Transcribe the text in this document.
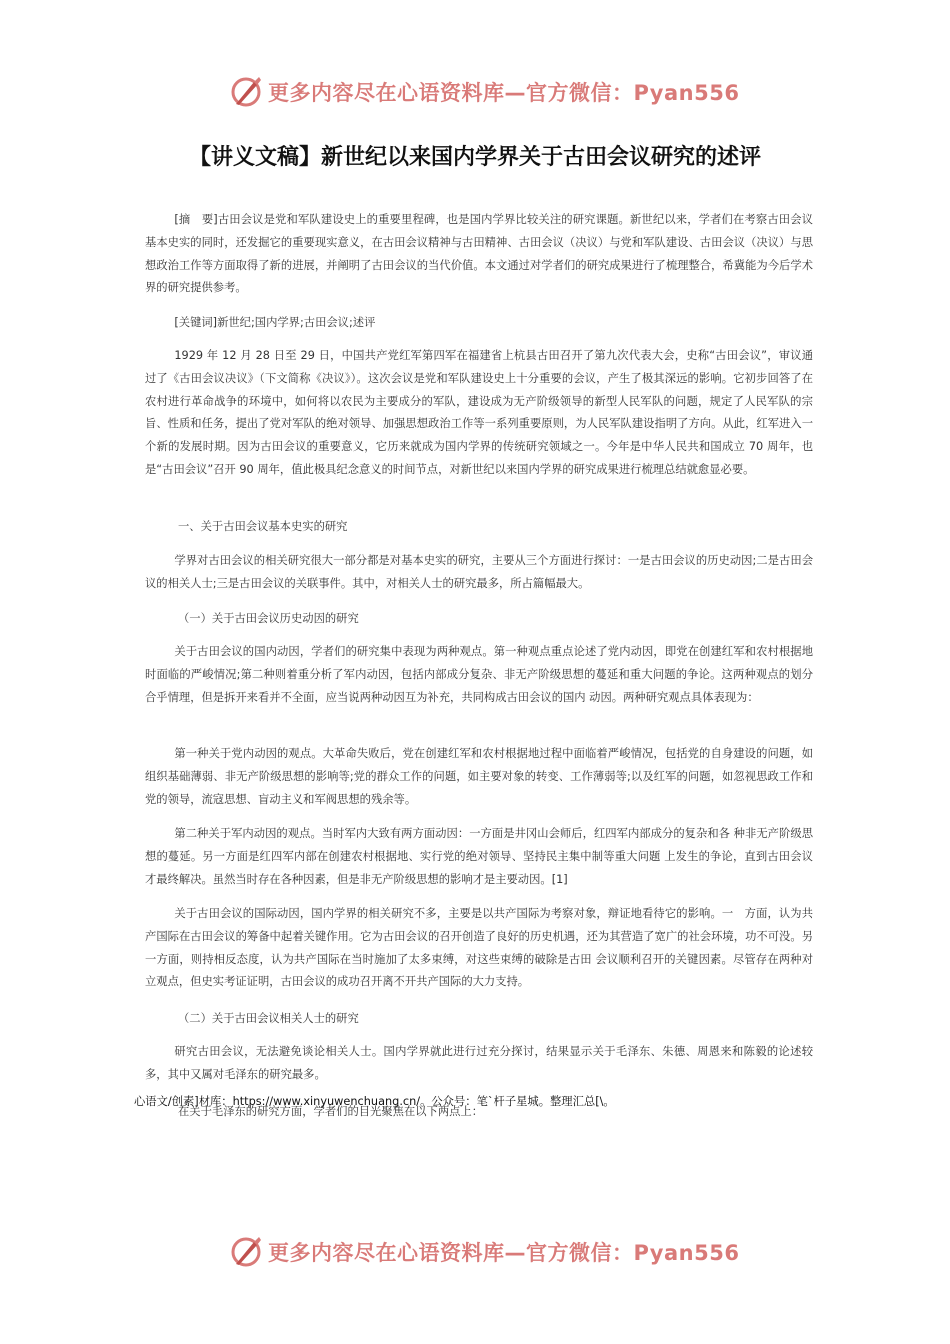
更多内容尽在心语资料库—官方微信：Pyan556
【讲义文稿】新世纪以来国内学界关于古田会议研究的述评
[摘　要]古田会议是党和军队建设史上的重要里程碑，也是国内学界比较关注的研究课题。新世纪以来，学者们在考察古田会议基本史实的同时，还发掘它的重要现实意义，在古田会议精神与古田精神、古田会议（决议）与党和军队建设、古田会议（决议）与思想政治工作等方面取得了新的进展，并阐明了古田会议的当代价值。本文通过对学者们的研究成果进行了梳理整合，希冀能为今后学术界的研究提供参考。
[关键词]新世纪;国内学界;古田会议;述评
1929 年 12 月 28 日至 29 日，中国共产党红军第四军在福建省上杭县古田召开了第九次代表大会，史称“古田会议”，审议通过了《古田会议决议》（下文简称《决议》）。这次会议是党和军队建设史上十分重要的会议，产生了极其深远的影响。它初步回答了在农村进行革命战争的环境中，如何将以农民为主要成分的军队，建设成为无产阶级领导的新型人民军队的问题，规定了人民军队的宗旨、性质和任务，提出了党对军队的绝对领导、加强思想政治工作等一系列重要原则，为人民军队建设指明了方向。从此，红军进入一个新的发展时期。因为古田会议的重要意义，它历来就成为国内学界的传统研究领域之一。今年是中华人民共和国成立 70 周年，也是“古田会议”召开 90 周年，值此极具纪念意义的时间节点，对新世纪以来国内学界的研究成果进行梳理总结就愈显必要。
一、关于古田会议基本史实的研究
学界对古田会议的相关研究很大一部分都是对基本史实的研究，主要从三个方面进行探讨：一是古田会议的历史动因;二是古田会议的相关人士;三是古田会议的关联事件。其中，对相关人士的研究最多，所占篇幅最大。
（一）关于古田会议历史动因的研究
关于古田会议的国内动因，学者们的研究集中表现为两种观点。第一种观点重点论述了党内动因，即党在创建红军和农村根据地时面临的严峻情况;第二种则着重分析了军内动因，包括内部成分复杂、非无产阶级思想的蔓延和重大问题的争论。这两种观点的划分合乎情理，但是拆开来看并不全面，应当说两种动因互为补充，共同构成古田会议的国内 动因。两种研究观点具体表现为：
第一种关于党内动因的观点。大革命失败后，党在创建红军和农村根据地过程中面临着严峻情况，包括党的自身建设的问题，如组织基础薄弱、非无产阶级思想的影响等;党的群众工作的问题，如主要对象的转变、工作薄弱等;以及红军的问题，如忽视思政工作和党的领导，流寇思想、盲动主义和军阀思想的残余等。
第二种关于军内动因的观点。当时军内大致有两方面动因：一方面是井冈山会师后，红四军内部成分的复杂和各 种非无产阶级思想的蔓延。另一方面是红四军内部在创建农村根据地、实行党的绝对领导、坚持民主集中制等重大问题 上发生的争论，直到古田会议才最终解决。虽然当时存在各种因素，但是非无产阶级思想的影响才是主要动因。[1]
关于古田会议的国际动因，国内学界的相关研究不多，主要是以共产国际为考察对象，辩证地看待它的影响。一　方面，认为共产国际在古田会议的筹备中起着关键作用。它为古田会议的召开创造了良好的历史机遇，还为其营造了宽广的社会环境，功不可没。另一方面，则持相反态度，认为共产国际在当时施加了太多束缚，对这些束缚的破除是古田 会议顺利召开的关键因素。尽管存在两种对立观点，但史实考证证明，古田会议的成功召开离不开共产国际的大力支持。
（二）关于古田会议相关人士的研究
研究古田会议，无法避免谈论相关人士。国内学界就此进行过充分探讨，结果显示关于毛泽东、朱德、周恩来和陈毅的论述较多，其中又属对毛泽东的研究最多。
心语文/创素]材库：https://www.xinyuwenchuang.cn/。公众号：笔`杆子星城。整理汇总[\。
在关于毛泽东的研究方面，学者们的目光聚焦在以下两点上：
更多内容尽在心语资料库—官方微信：Pyan556
